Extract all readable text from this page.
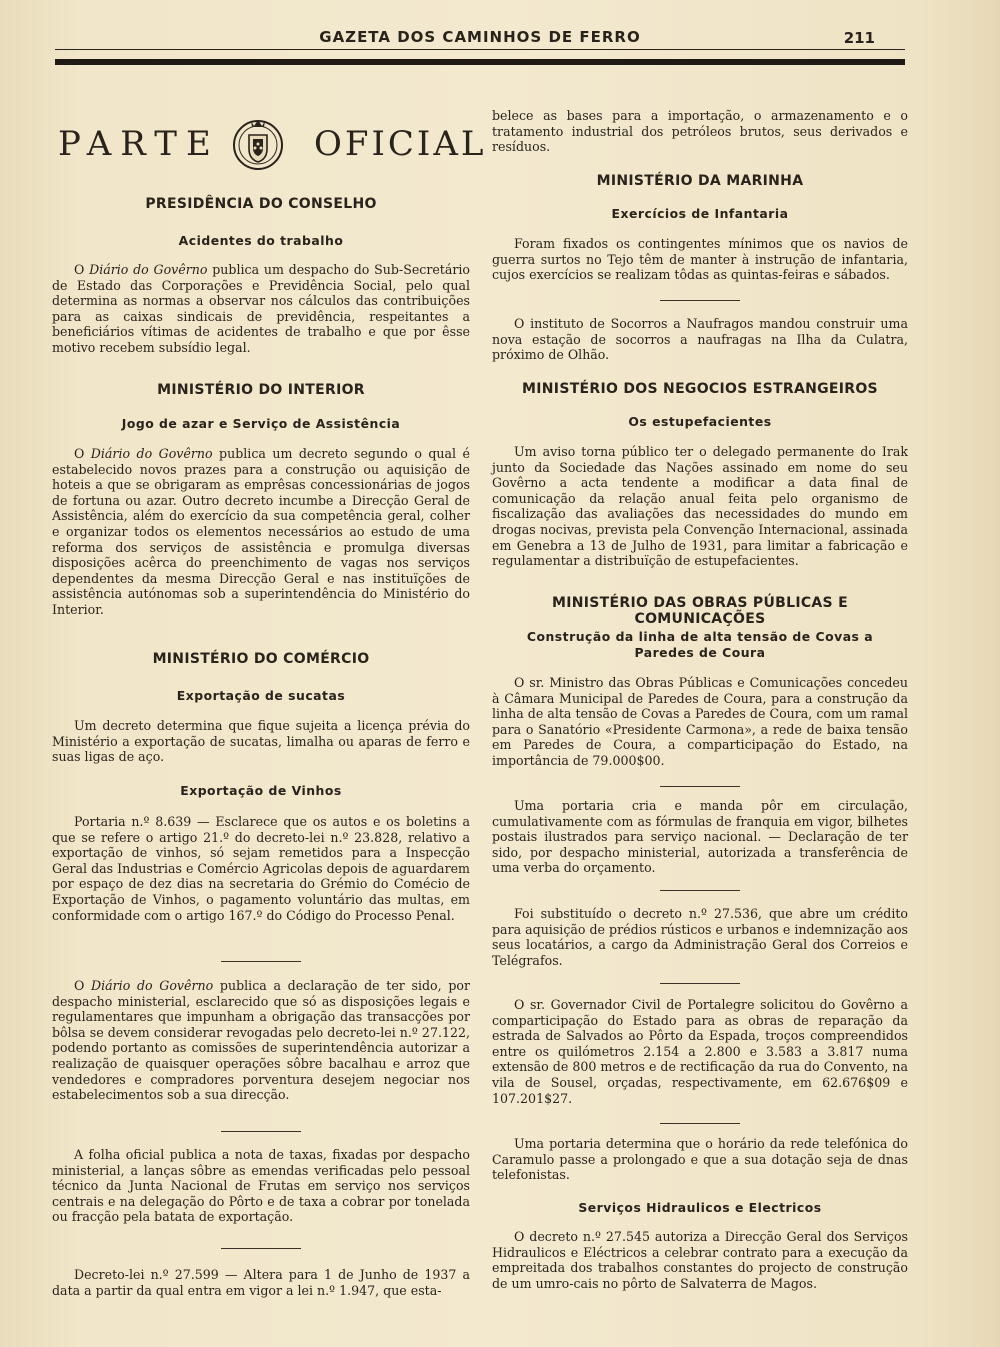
GAZETA DOS CAMINHOS DE FERRO	211
PARTE	OFICIAL
PRESIDÊNCIA DO CONSELHO
Acidentes do trabalho

O Diário do Govêrno publica um despacho do Sub-Secretário de Estado das Corporações e Previdência Social, pelo qual determina as normas a observar nos cálculos das contribuições para as caixas sindicais de previdência, respeitantes a beneficiários vítimas de acidentes de trabalho e que por êsse motivo recebem subsídio legal.

MINISTÉRIO DO INTERIOR
Jogo de azar e Serviço de Assistência

O Diário do Govêrno publica um decreto segundo o qual é estabelecido novos prazes para a construção ou aquisição de hoteis a que se obrigaram as emprêsas concessionárias de jogos de fortuna ou azar. Outro decreto incumbe a Direcção Geral de Assistência, além do exercício da sua competência geral, colher e organizar todos os elementos necessários ao estudo de uma reforma dos serviços de assistência e promulga diversas disposições acêrca do preenchimento de vagas nos serviços dependentes da mesma Direcção Geral e nas instituïções de assistência autónomas sob a superintendência do Ministério do Interior.

MINISTÉRIO DO COMÉRCIO
Exportação de sucatas

Um decreto determina que fique sujeita a licença prévia do Ministério a exportação de sucatas, limalha ou aparas de ferro e suas ligas de aço.

Exportação de Vinhos

Portaria n.º 8.639 — Esclarece que os autos e os boletins a que se refere o artigo 21.º do decreto-lei n.º 23.828, relativo a exportação de vinhos, só sejam remetidos para a Inspecção Geral das Industrias e Comércio Agricolas depois de aguardarem por espaço de dez dias na secretaria do Grémio do Comécio de Exportação de Vinhos, o pagamento voluntário das multas, em conformidade com o artigo 167.º do Código do Processo Penal.

O Diário do Govêrno publica a declaração de ter sido, por despacho ministerial, esclarecido que só as disposições legais e regulamentares que impunham a obrigação das transacções por bôlsa se devem considerar revogadas pelo decreto-lei n.º 27.122, podendo portanto as comissões de superintendência autorizar a realização de quaisquer operações sôbre bacalhau e arroz que vendedores e compradores porventura desejem negociar nos estabelecimentos sob a sua direcção.

A folha oficial publica a nota de taxas, fixadas por despacho ministerial, a lanças sôbre as emendas verificadas pelo pessoal técnico da Junta Nacional de Frutas em serviço nos serviços centrais e na delegação do Pôrto e de taxa a cobrar por tonelada ou fracção pela batata de exportação.

Decreto-lei n.º 27.599 — Altera para 1 de Junho de 1937 a data a partir da qual entra em vigor a lei n.º 1.947, que esta-

belece as bases para a importação, o armazenamento e o tratamento industrial dos petróleos brutos, seus derivados e resíduos.

MINISTÉRIO DA MARINHA
Exercícios de Infantaria

Foram fixados os contingentes mínimos que os navios de guerra surtos no Tejo têm de manter à instrução de infantaria, cujos exercícios se realizam tôdas as quintas-feiras e sábados.

O instituto de Socorros a Naufragos mandou construir uma nova estação de socorros a naufragas na Ilha da Culatra, próximo de Olhão.

MINISTÉRIO DOS NEGOCIOS ESTRANGEIROS
Os estupefacientes

Um aviso torna público ter o delegado permanente do Irak junto da Sociedade das Nações assinado em nome do seu Govêrno a acta tendente a modificar a data final de comunicação da relação anual feita pelo organismo de fiscalização das avaliações das necessidades do mundo em drogas nocivas, prevista pela Convenção Internacional, assinada em Genebra a 13 de Julho de 1931, para limitar a fabricação e regulamentar a distribuïção de estupefacientes.

MINISTÉRIO DAS OBRAS PÚBLICAS E COMUNICAÇÕES
Construção da linha de alta tensão de Covas a
Paredes de Coura

O sr. Ministro das Obras Públicas e Comunicações concedeu à Câmara Municipal de Paredes de Coura, para a construção da linha de alta tensão de Covas a Paredes de Coura, com um ramal para o Sanatório «Presidente Carmona», a rede de baixa tensão em Paredes de Coura, a comparticipação do Estado, na importância de 79.000$00.

Uma portaria cria e manda pôr em circulação, cumulativamente com as fórmulas de franquia em vigor, bilhetes postais ilustrados para serviço nacional. — Declaração de ter sido, por despacho ministerial, autorizada a transferência de uma verba do orçamento.

Foi substituído o decreto n.º 27.536, que abre um crédito para aquisição de prédios rústicos e urbanos e indemnização aos seus locatários, a cargo da Administração Geral dos Correios e Telégrafos.

O sr. Governador Civil de Portalegre solicitou do Govêrno a comparticipação do Estado para as obras de reparação da estrada de Salvados ao Pôrto da Espada, troços compreendidos entre os quilómetros 2.154 a 2.800 e 3.583 a 3.817 numa extensão de 800 metros e de rectificação da rua do Convento, na vila de Sousel, orçadas, respectivamente, em 62.676$09 e 107.201$27.

Uma portaria determina que o horário da rede telefónica do Caramulo passe a prolongado e que a sua dotação seja de dnas telefonistas.

Serviços Hidraulicos e Electricos

O decreto n.º 27.545 autoriza a Direcção Geral dos Serviços Hidraulicos e Eléctricos a celebrar contrato para a execução da empreitada dos trabalhos constantes do projecto de construção de um umro-cais no pôrto de Salvaterra de Magos.
